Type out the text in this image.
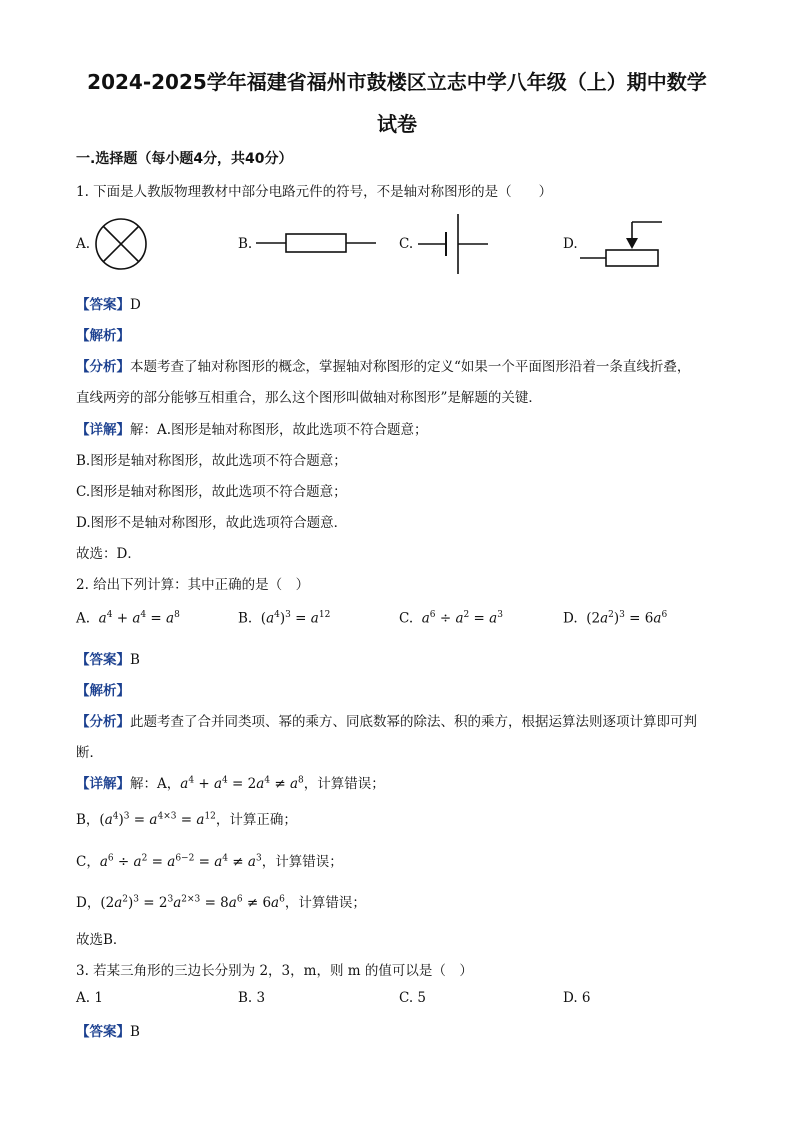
2024-2025学年福建省福州市鼓楼区立志中学八年级（上）期中数学
试卷
一.选择题（每小题4分，共40分）
1. 下面是人教版物理教材中部分电路元件的符号，不是轴对称图形的是（　　）
A.	B.	C.	D.
【答案】D
【解析】
【分析】本题考查了轴对称图形的概念，掌握轴对称图形的定义“如果一个平面图形沿着一条直线折叠，
直线两旁的部分能够互相重合，那么这个图形叫做轴对称图形”是解题的关键．
【详解】解：A.图形是轴对称图形，故此选项不符合题意；
B.图形是轴对称图形，故此选项不符合题意；
C.图形是轴对称图形，故此选项不符合题意；
D.图形不是轴对称图形，故此选项符合题意．
故选：D．
2. 给出下列计算：其中正确的是（　）
A.  $a^4 + a^4 = a^8$	B.  $(a^4)^3 = a^{12}$	C.  $a^6 \div a^2 = a^3$	D.  $(2a^2)^3 = 6a^6$
【答案】B
【解析】
【分析】此题考查了合并同类项、幂的乘方、同底数幂的除法、积的乘方，根据运算法则逐项计算即可判
断．
【详解】解：A，$a^4 + a^4 = 2a^4 \ne a^8$，计算错误；
B，$(a^4)^3 = a^{4\times 3} = a^{12}$，计算正确；
C，$a^6 \div a^2 = a^{6-2} = a^4 \ne a^3$，计算错误；
D，$(2a^2)^3 = 2^3a^{2\times 3} = 8a^6 \ne 6a^6$，计算错误；
故选B．
3. 若某三角形的三边长分别为 2，3，m，则 m 的值可以是（　）
A. 1	B. 3	C. 5	D. 6
【答案】B
